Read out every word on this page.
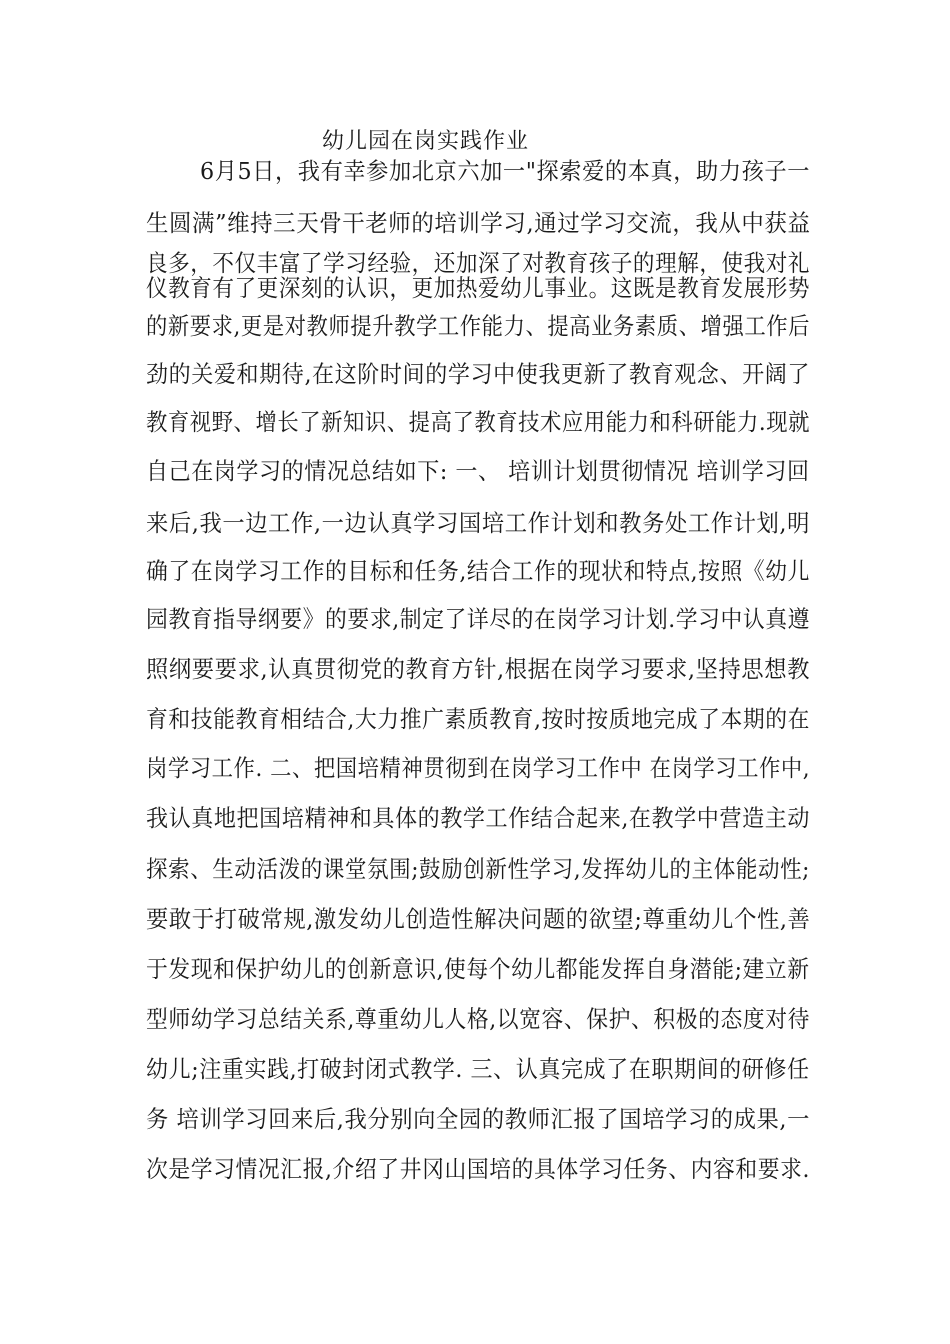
幼儿园在岗实践作业
6月5日，我有幸参加北京六加一"探索爱的本真，助力孩子一
生圆满”维持三天骨干老师的培训学习,通过学习交流，我从中获益
良多，不仅丰富了学习经验，还加深了对教育孩子的理解，使我对礼
仪教育有了更深刻的认识，更加热爱幼儿事业。这既是教育发展形势
的新要求,更是对教师提升教学工作能力、提高业务素质、增强工作后
劲的关爱和期待,在这阶时间的学习中使我更新了教育观念、开阔了
教育视野、增长了新知识、提高了教育技术应用能力和科研能力.现就
自己在岗学习的情况总结如下: 一、 培训计划贯彻情况 培训学习回
来后,我一边工作,一边认真学习国培工作计划和教务处工作计划,明
确了在岗学习工作的目标和任务,结合工作的现状和特点,按照《幼儿
园教育指导纲要》的要求,制定了详尽的在岗学习计划.学习中认真遵
照纲要要求,认真贯彻党的教育方针,根据在岗学习要求,坚持思想教
育和技能教育相结合,大力推广素质教育,按时按质地完成了本期的在
岗学习工作. 二、把国培精神贯彻到在岗学习工作中 在岗学习工作中,
我认真地把国培精神和具体的教学工作结合起来,在教学中营造主动
探索、生动活泼的课堂氛围;鼓励创新性学习,发挥幼儿的主体能动性;
要敢于打破常规,激发幼儿创造性解决问题的欲望;尊重幼儿个性,善
于发现和保护幼儿的创新意识,使每个幼儿都能发挥自身潜能;建立新
型师幼学习总结关系,尊重幼儿人格,以宽容、保护、积极的态度对待
幼儿;注重实践,打破封闭式教学. 三、认真完成了在职期间的研修任
务 培训学习回来后,我分别向全园的教师汇报了国培学习的成果,一
次是学习情况汇报,介绍了井冈山国培的具体学习任务、内容和要求.
